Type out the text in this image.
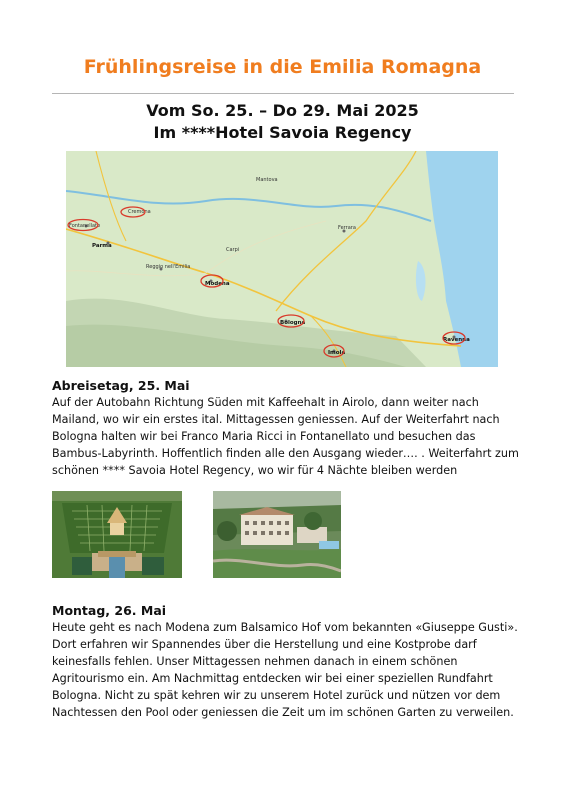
Frühlingsreise in die Emilia Romagna
Vom So. 25. – Do 29. Mai 2025
Im ****Hotel Savoia Regency
Fontanellato
Parma
Reggio nell'Emilia
Modena
Bologna
Ferrara
Imola
Ravenna
Cremona
Mantova
Carpi
Abreisetag, 25. Mai
Auf der Autobahn Richtung Süden mit Kaffeehalt in Airolo, dann weiter nach
Mailand, wo wir ein erstes ital. Mittagessen geniessen. Auf der Weiterfahrt nach
Bologna halten wir bei Franco Maria Ricci in Fontanellato und besuchen das
Bambus-Labyrinth. Hoffentlich finden alle den Ausgang wieder…. . Weiterfahrt zum
schönen **** Savoia Hotel Regency, wo wir für 4 Nächte bleiben werden
Montag, 26. Mai
Heute geht es nach Modena zum Balsamico Hof vom bekannten «Giuseppe Gusti».
Dort erfahren wir Spannendes über die Herstellung und eine Kostprobe darf
keinesfalls fehlen. Unser Mittagessen nehmen danach in einem schönen
Agritourismo ein. Am Nachmittag entdecken wir bei einer speziellen Rundfahrt
Bologna. Nicht zu spät kehren wir zu unserem Hotel zurück und nützen vor dem
Nachtessen den Pool oder geniessen die Zeit um im schönen Garten zu verweilen.
